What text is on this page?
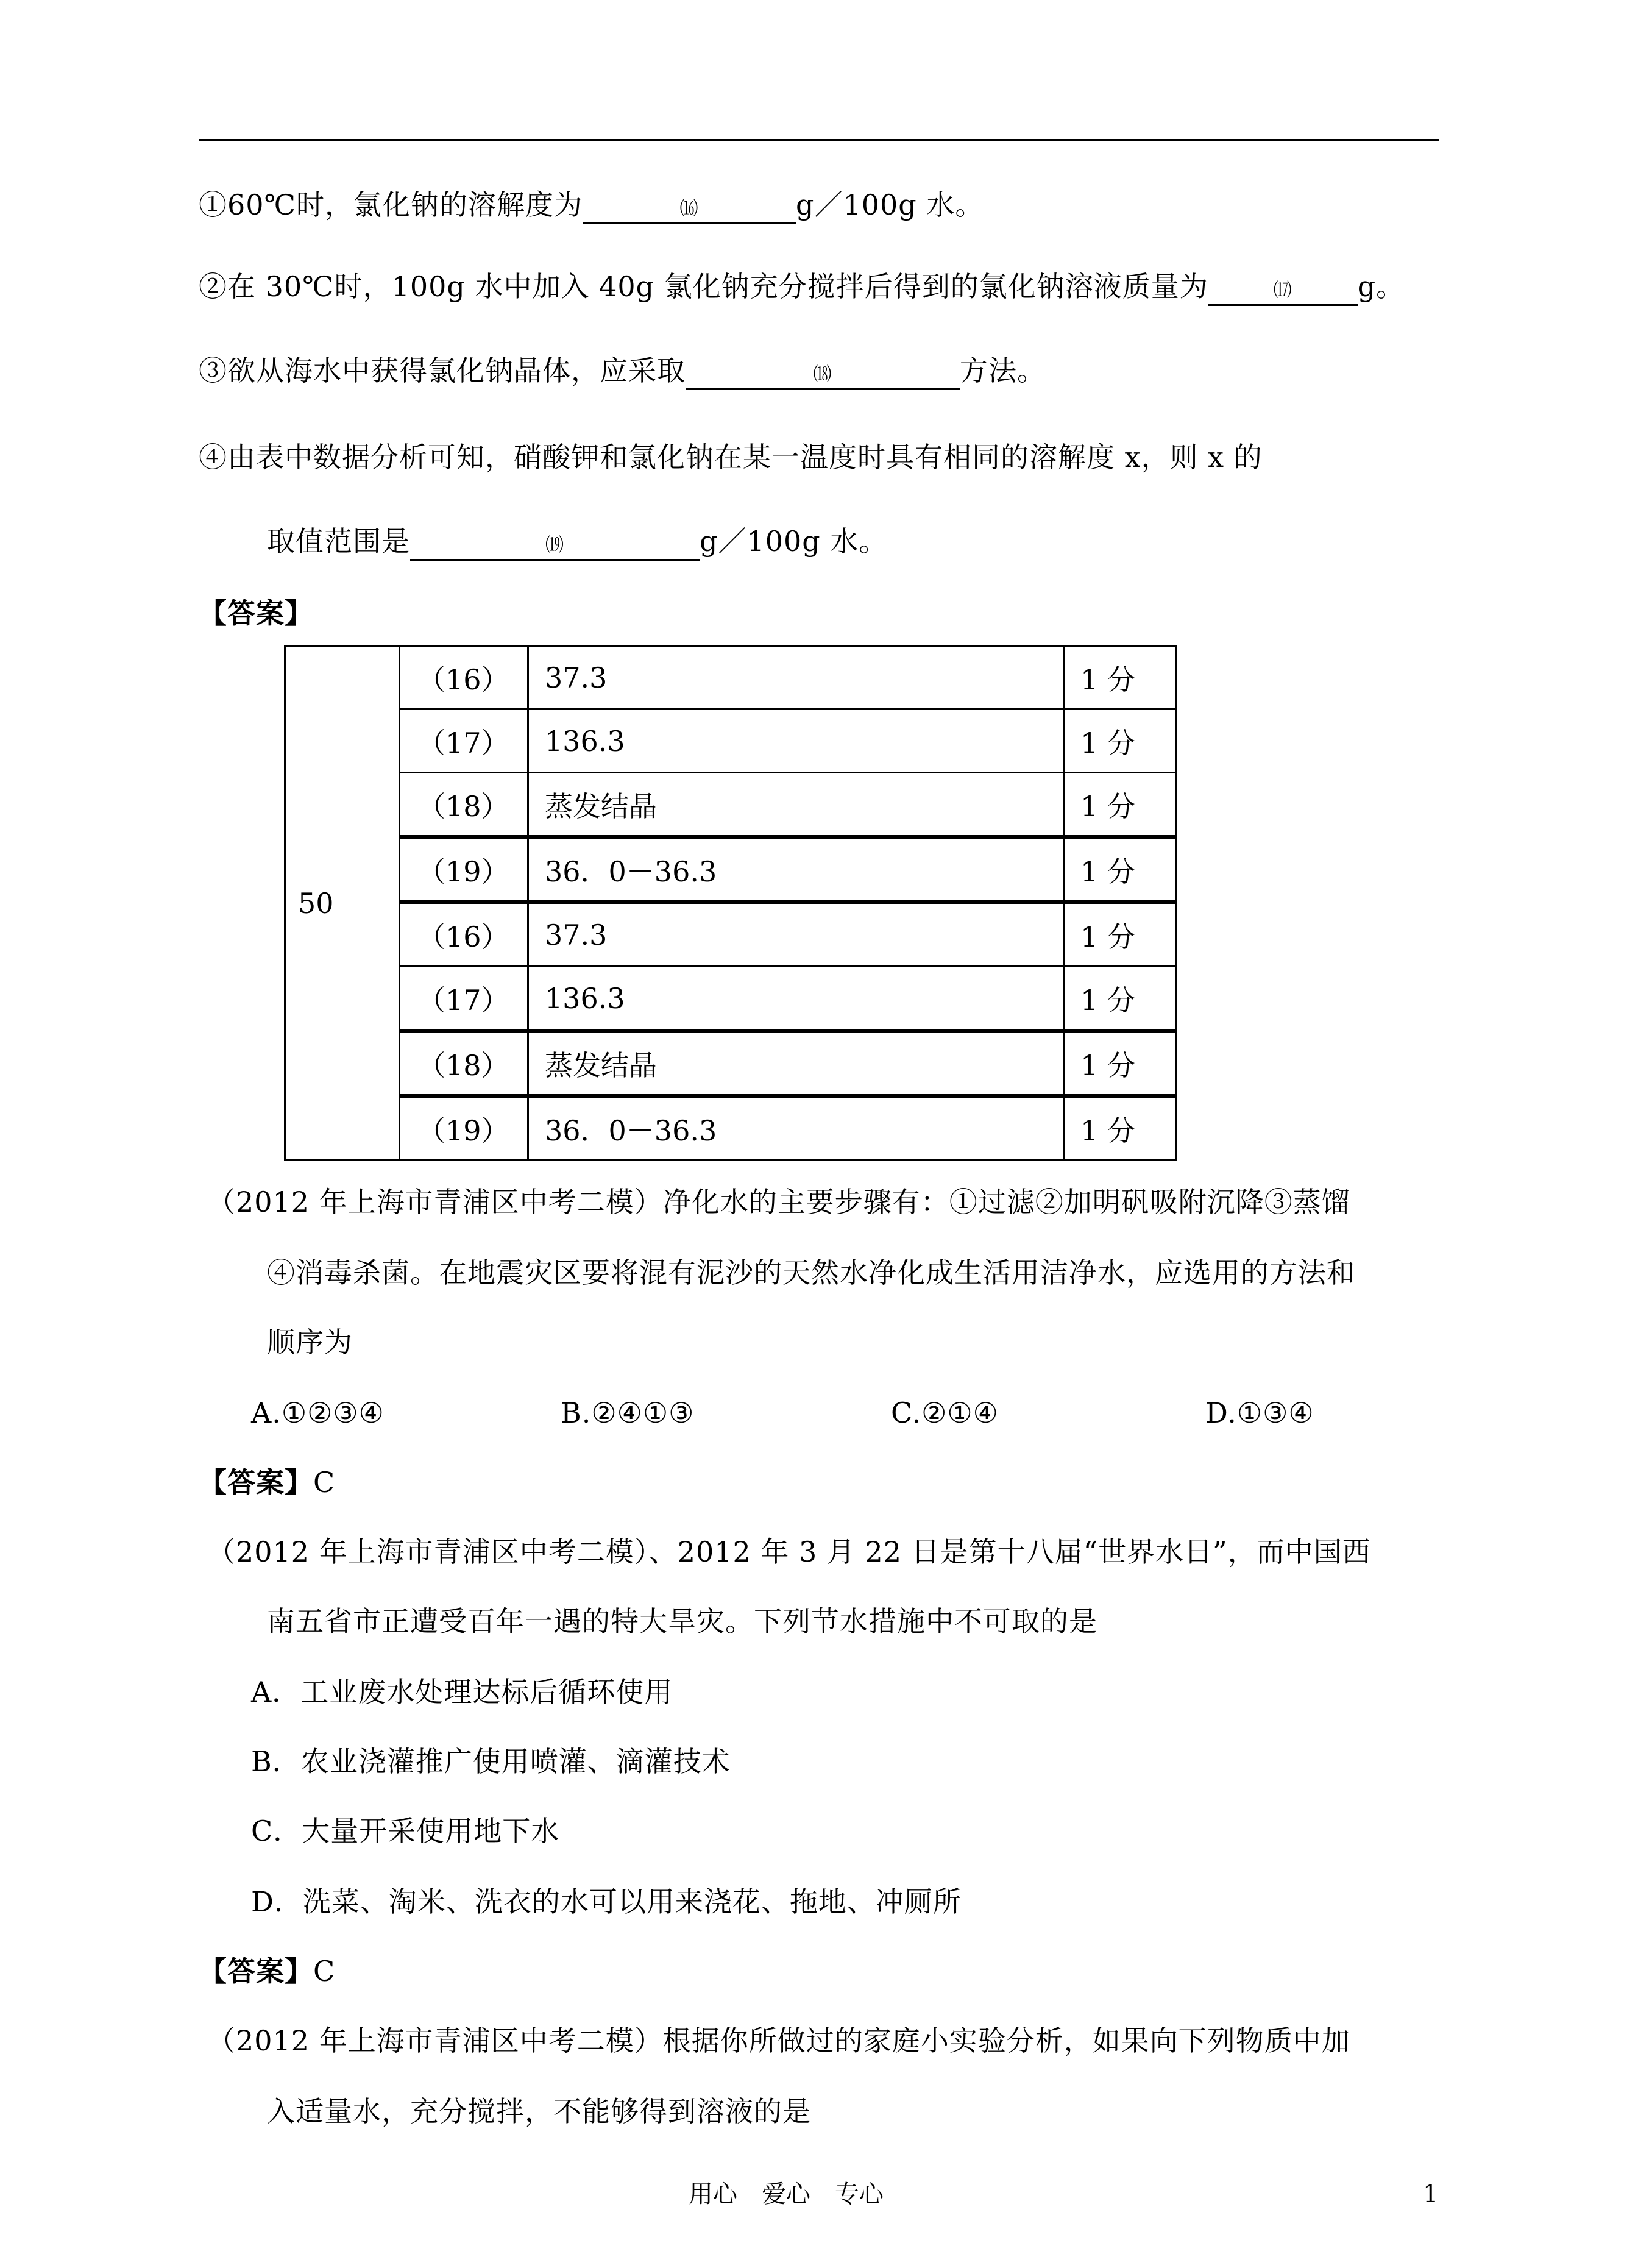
①60℃时，氯化钠的溶解度为	⒃	g／100g 水。
②在 30℃时，100g 水中加入 40g 氯化钠充分搅拌后得到的氯化钠溶液质量为	⒄ g。
③欲从海水中获得氯化钠晶体，应采取	⒅	方法。
④由表中数据分析可知，硝酸钾和氯化钠在某一温度时具有相同的溶解度 x，则 x 的
取值范围是	⒆	g／100g 水。
【答案】
50	（16）	37.3	1 分
	（17）	136.3	1 分
	（18）	蒸发结晶	1 分
	（19）	36．0－36.3	1 分
	（16）	37.3	1 分
	（17）	136.3	1 分
	（18）	蒸发结晶	1 分
	（19）	36．0－36.3	1 分
（2012 年上海市青浦区中考二模）净化水的主要步骤有：①过滤②加明矾吸附沉降③蒸馏
④消毒杀菌。在地震灾区要将混有泥沙的天然水净化成生活用洁净水，应选用的方法和
顺序为
A.①②③④	B.②④①③	C.②①④	D.①③④
【答案】C
（2012 年上海市青浦区中考二模）、2012 年 3 月 22 日是第十八届“世界水日”，而中国西
南五省市正遭受百年一遇的特大旱灾。下列节水措施中不可取的是
A．工业废水处理达标后循环使用
B．农业浇灌推广使用喷灌、滴灌技术
C．大量开采使用地下水
D．洗菜、淘米、洗衣的水可以用来浇花、拖地、冲厕所
【答案】C
（2012 年上海市青浦区中考二模）根据你所做过的家庭小实验分析，如果向下列物质中加
入适量水，充分搅拌，不能够得到溶液的是
用心　爱心　专心	1
